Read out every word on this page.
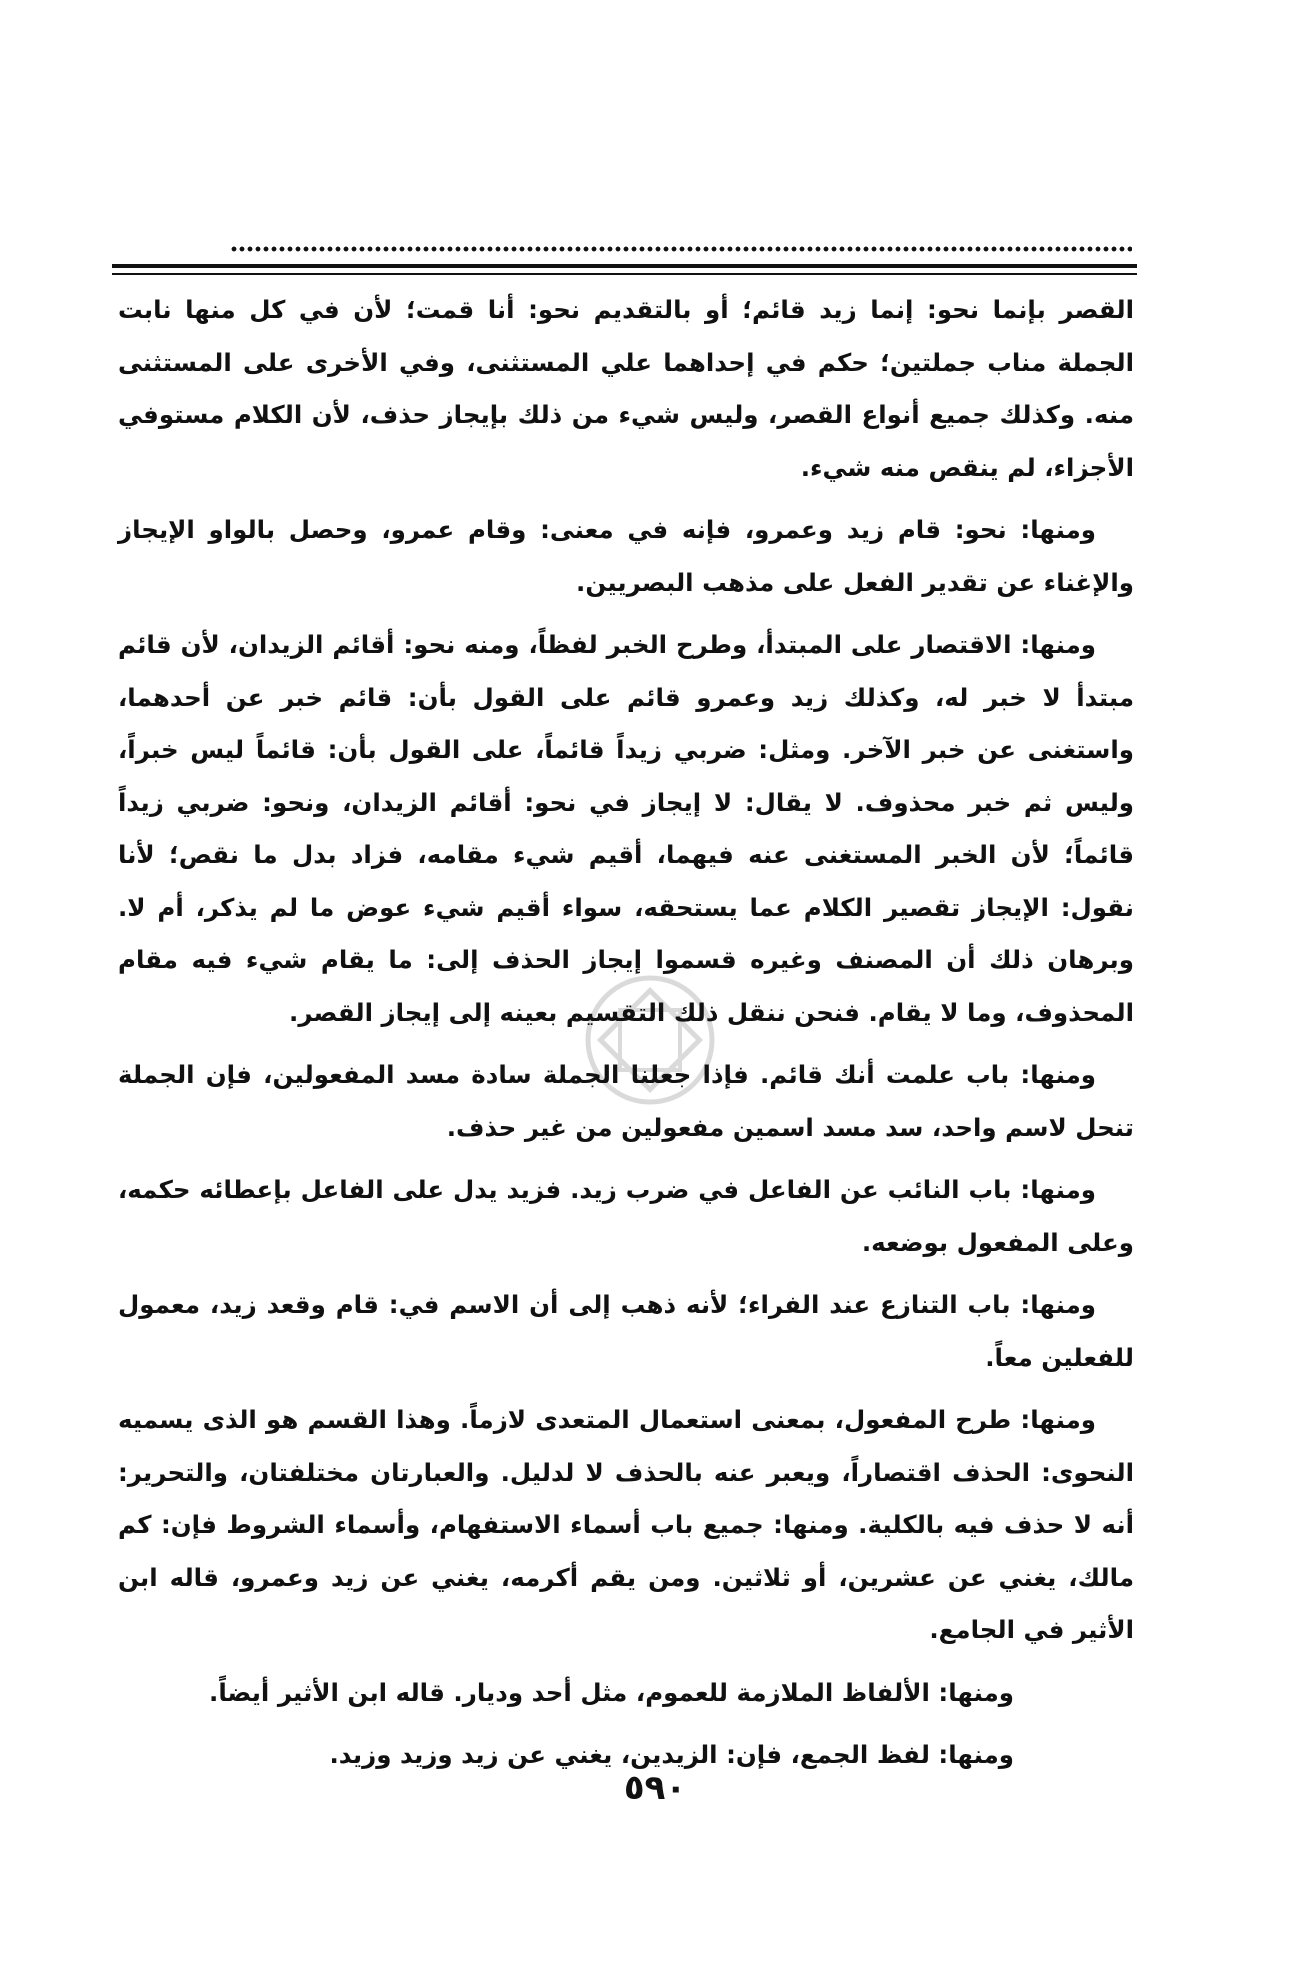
القصر بإنما نحو: إنما زيد قائم؛ أو بالتقديم نحو: أنا قمت؛ لأن في كل منها نابت الجملة مناب جملتين؛ حكم في إحداهما علي المستثنى، وفي الأخرى على المستثنى منه. وكذلك جميع أنواع القصر، وليس شيء من ذلك بإيجاز حذف، لأن الكلام مستوفي الأجزاء، لم ينقص منه شيء.

ومنها: نحو: قام زيد وعمرو، فإنه في معنى: وقام عمرو، وحصل بالواو الإيجاز والإغناء عن تقدير الفعل على مذهب البصريين.

ومنها: الاقتصار على المبتدأ، وطرح الخبر لفظاً، ومنه نحو: أقائم الزيدان، لأن قائم مبتدأ لا خبر له، وكذلك زيد وعمرو قائم على القول بأن: قائم خبر عن أحدهما، واستغنى عن خبر الآخر. ومثل: ضربي زيداً قائماً، على القول بأن: قائماً ليس خبراً، وليس ثم خبر محذوف. لا يقال: لا إيجاز في نحو: أقائم الزيدان، ونحو: ضربي زيداً قائماً؛ لأن الخبر المستغنى عنه فيهما، أقيم شيء مقامه، فزاد بدل ما نقص؛ لأنا نقول: الإيجاز تقصير الكلام عما يستحقه، سواء أقيم شيء عوض ما لم يذكر، أم لا. وبرهان ذلك أن المصنف وغيره قسموا إيجاز الحذف إلى: ما يقام شيء فيه مقام المحذوف، وما لا يقام. فنحن ننقل ذلك التقسيم بعينه إلى إيجاز القصر.

ومنها: باب علمت أنك قائم. فإذا جعلنا الجملة سادة مسد المفعولين، فإن الجملة تنحل لاسم واحد، سد مسد اسمين مفعولين من غير حذف.

ومنها: باب النائب عن الفاعل في ضرب زيد. فزيد يدل على الفاعل بإعطائه حكمه، وعلى المفعول بوضعه.

ومنها: باب التنازع عند الفراء؛ لأنه ذهب إلى أن الاسم في: قام وقعد زيد، معمول للفعلين معاً.

ومنها: طرح المفعول، بمعنى استعمال المتعدى لازماً. وهذا القسم هو الذى يسميه النحوى: الحذف اقتصاراً، ويعبر عنه بالحذف لا لدليل. والعبارتان مختلفتان، والتحرير: أنه لا حذف فيه بالكلية. ومنها: جميع باب أسماء الاستفهام، وأسماء الشروط فإن: كم مالك، يغني عن عشرين، أو ثلاثين. ومن يقم أكرمه، يغني عن زيد وعمرو، قاله ابن الأثير في الجامع.

ومنها: الألفاظ الملازمة للعموم، مثل أحد وديار. قاله ابن الأثير أيضاً.

ومنها: لفظ الجمع، فإن: الزيدين، يغني عن زيد وزيد وزيد.

٥٩٠
